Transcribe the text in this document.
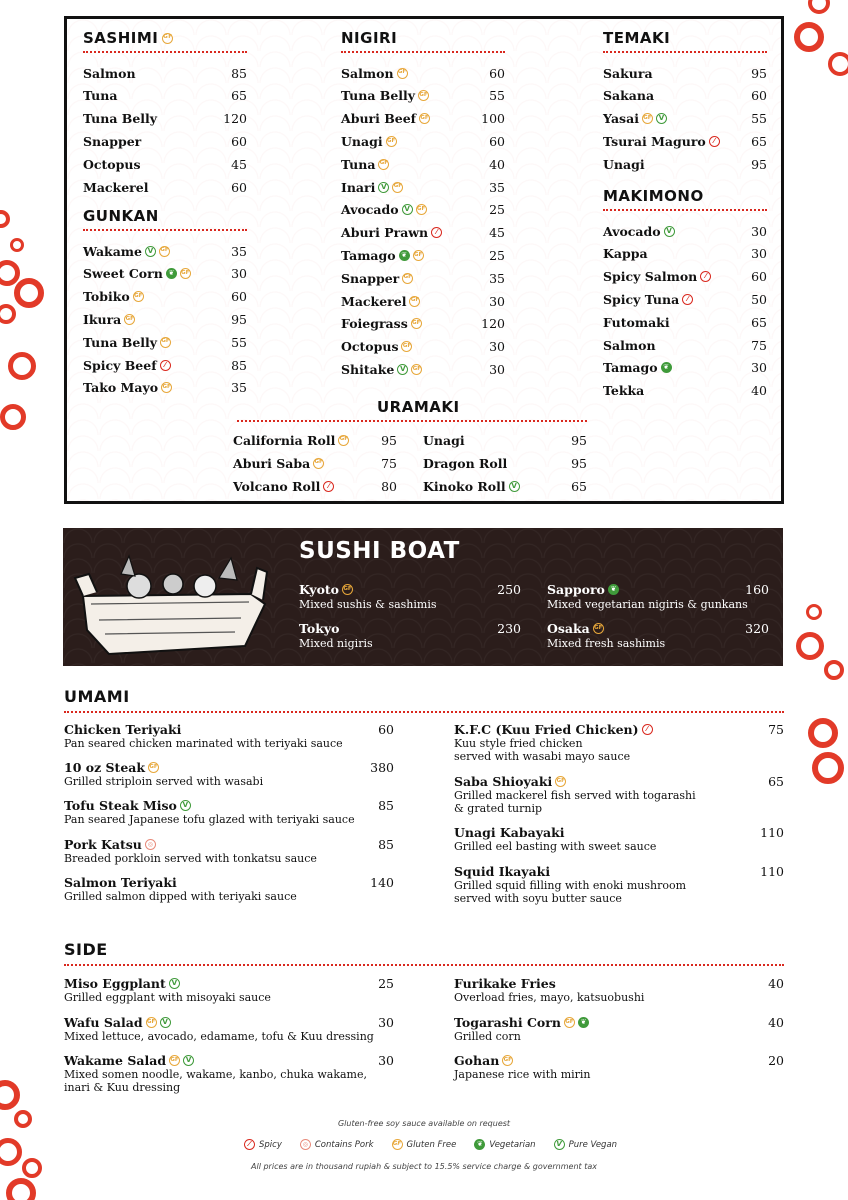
SASHIMI GF
Salmon	85
Tuna	65
Tuna Belly	120
Snapper	60
Octopus	45
Mackerel	60
GUNKAN
Wakame V	GF	35
Sweet Corn ❦	GF	30
Tobiko GF	60
Ikura GF	95
Tuna Belly GF	55
Spicy Beef	⁄	85
Tako Mayo GF	35
NIGIRI
Salmon GF	60
Tuna Belly GF	55
Aburi Beef GF	100
Unagi GF	60
Tuna GF	40
Inari V	GF	35
Avocado V	GF	25
Aburi Prawn	⁄	45
Tamago ❦	GF	25
Snapper GF	35
Mackerel GF	30
Foiegrass GF	120
Octopus GF	30
Shitake V	GF	30
TEMAKI
Sakura	95
Sakana	60
Yasai GF	V	55
Tsurai Maguro	⁄	65
Unagi	95
MAKIMONO
Avocado V	30
Kappa	30
Spicy Salmon	⁄	60
Spicy Tuna	⁄	50
Futomaki	65
Salmon	75
Tamago ❦	30
Tekka	40
URAMAKI
California Roll GF	95
Aburi Saba GF	75
Volcano Roll	⁄	80
Unagi	95
Dragon Roll	95
Kinoko Roll V	65
SUSHI BOAT
Kyoto GF	250
Mixed sushis & sashimis
Tokyo	230
Mixed nigiris
Sapporo ❦	160
Mixed vegetarian nigiris & gunkans
Osaka GF	320
Mixed fresh sashimis
UMAMI
Chicken Teriyaki	60
Pan seared chicken marinated with teriyaki sauce
10 oz Steak GF	380
Grilled striploin served with wasabi
Tofu Steak Miso V	85
Pan seared Japanese tofu glazed with teriyaki sauce
Pork Katsu ◎	85
Breaded porkloin served with tonkatsu sauce
Salmon Teriyaki	140
Grilled salmon dipped with teriyaki sauce
K.F.C (Kuu Fried Chicken)	⁄	75
Kuu style fried chicken
served with wasabi mayo sauce
Saba Shioyaki GF	65
Grilled mackerel fish served with togarashi
& grated turnip
Unagi Kabayaki	110
Grilled eel basting with sweet sauce
Squid Ikayaki	110
Grilled squid filling with enoki mushroom
served with soyu butter sauce
SIDE
Miso Eggplant V	25
Grilled eggplant with misoyaki sauce
Wafu Salad GF	V	30
Mixed lettuce, avocado, edamame, tofu & Kuu dressing
Wakame Salad GF	V	30
Mixed somen noodle, wakame, kanbo, chuka wakame,
inari & Kuu dressing
Furikake Fries	40
Overload fries, mayo, katsuobushi
Togarashi Corn GF ❦	40
Grilled corn
Gohan GF	20
Japanese rice with mirin
Gluten-free soy sauce available on request
⁄	Spicy	◎ Contains Pork	GF Gluten Free	❦ Vegetarian	V Pure Vegan
All prices are in thousand rupiah & subject to 15.5% service charge & government tax
